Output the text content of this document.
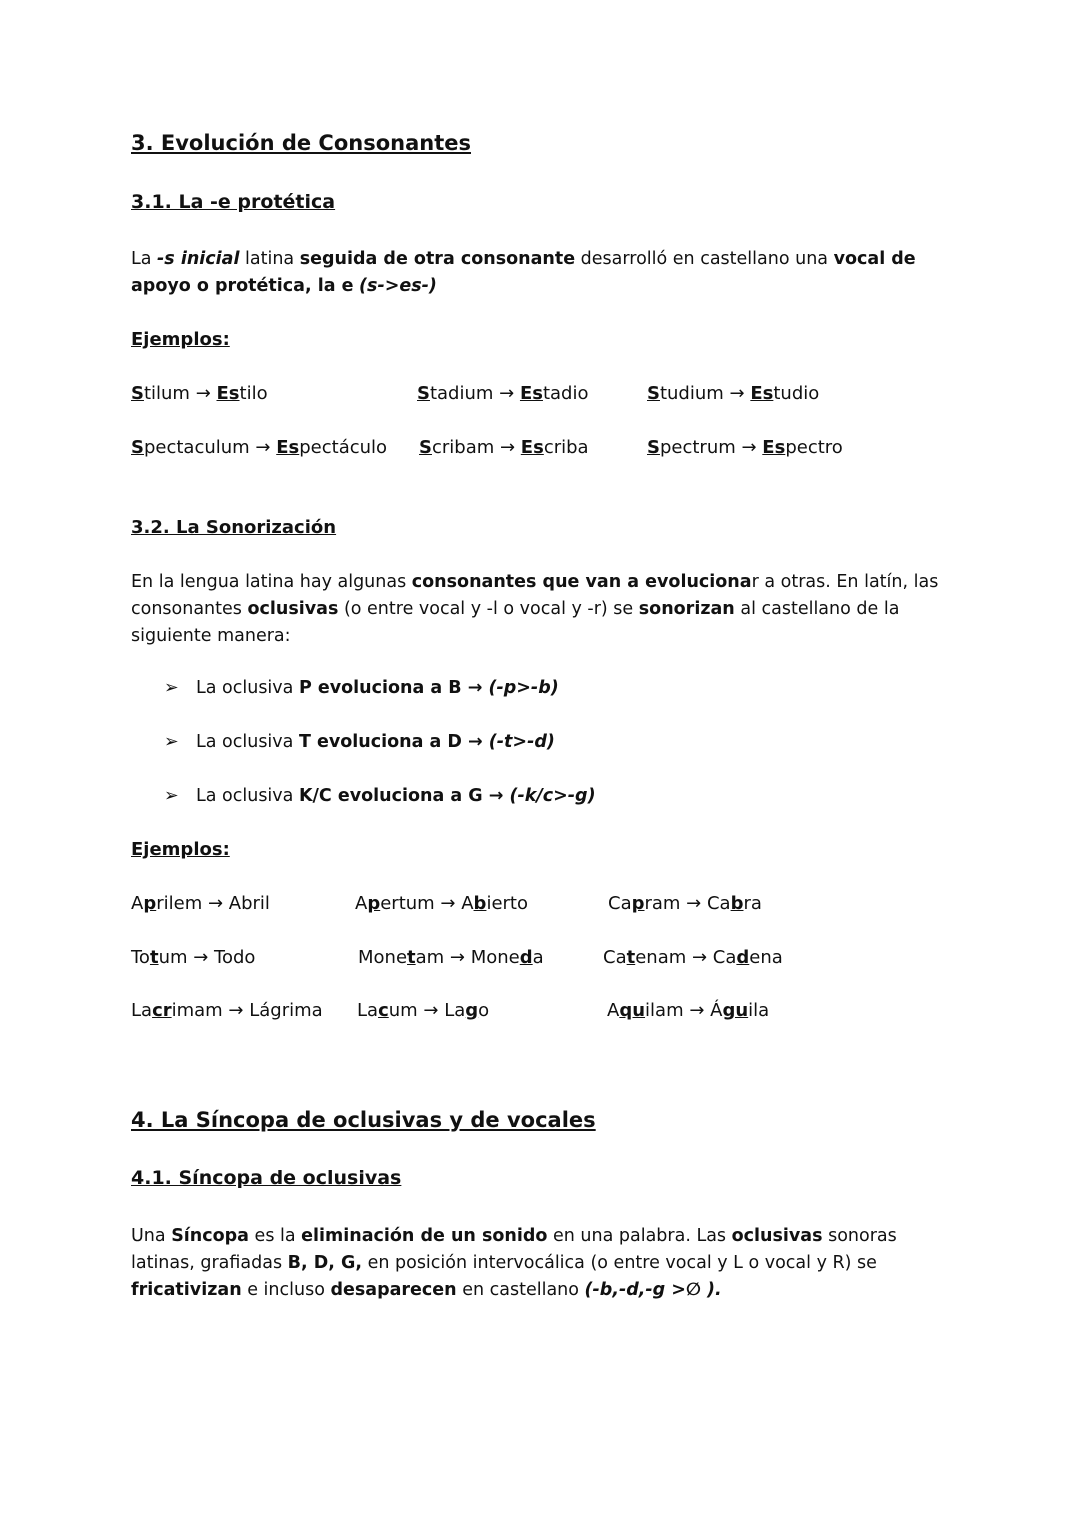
3. Evolución de Consonantes
3.1. La -e protética
La -s inicial latina seguida de otra consonante desarrolló en castellano una vocal de apoyo o protética, la e (s->es-)
Ejemplos:
Stilum → Estilo	Stadium → Estadio	Studium → Estudio
Spectaculum → Espectáculo Scribam → Escriba	Spectrum → Espectro
3.2. La Sonorización
En la lengua latina hay algunas consonantes que van a evolucionar a otras. En latín, las consonantes oclusivas (o entre vocal y -l o vocal y -r) se sonorizan al castellano de la siguiente manera:
➢ La oclusiva P evoluciona a B → (-p>-b)
➢ La oclusiva T evoluciona a D → (-t>-d)
➢ La oclusiva K/C evoluciona a G → (-k/c>-g)
Ejemplos:
Aprilem → Abril	Apertum → Abierto	Capram → Cabra
Totum → Todo	Monetam → Moneda	Catenam → Cadena
Lacrimam → Lágrima Lacum → Lago	Aquilam → Águila
4. La Síncopa de oclusivas y de vocales
4.1. Síncopa de oclusivas
Una Síncopa es la eliminación de un sonido en una palabra. Las oclusivas sonoras latinas, grafiadas B, D, G, en posición intervocálica (o entre vocal y L o vocal y R) se fricativizan e incluso desaparecen en castellano (-b,-d,-g >∅ ).
